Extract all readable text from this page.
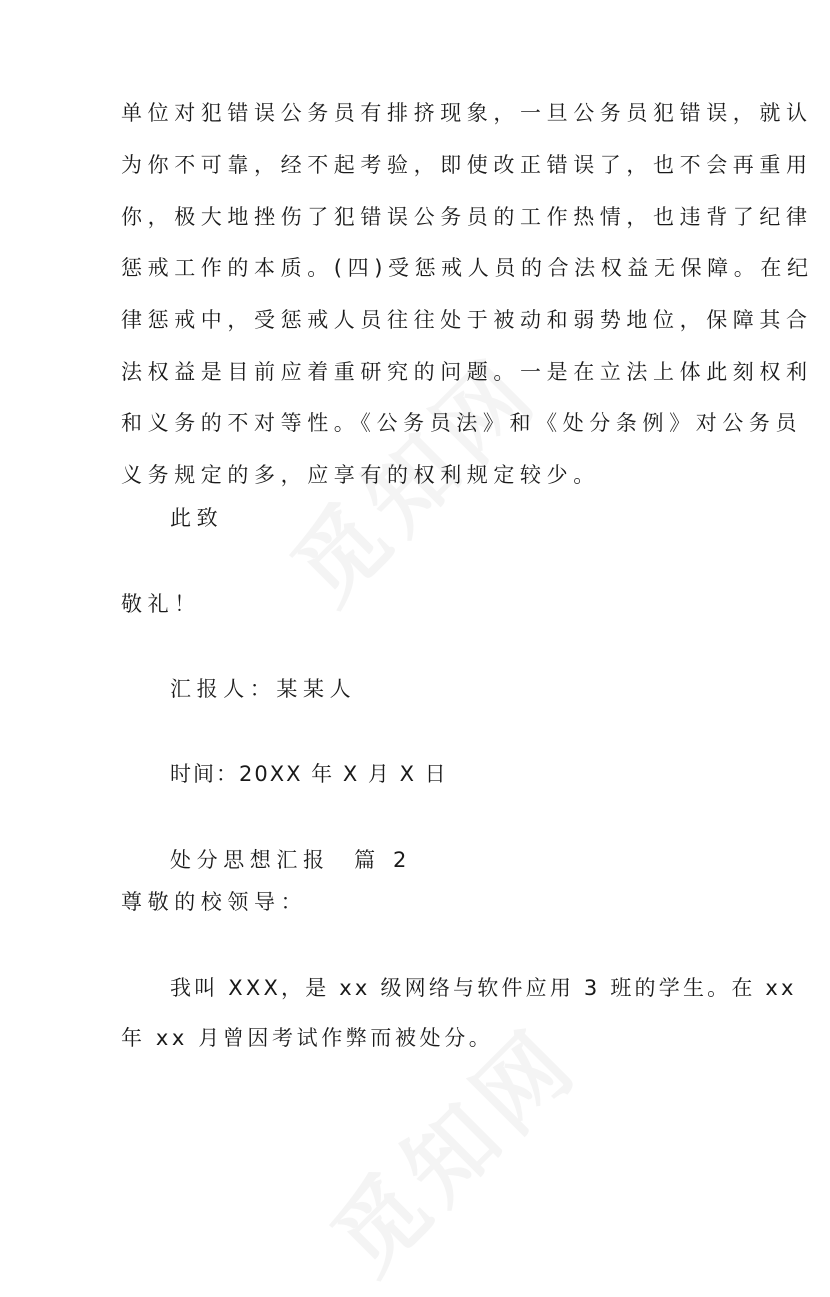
单位对犯错误公务员有排挤现象，一旦公务员犯错误，就认
为你不可靠，经不起考验，即使改正错误了，也不会再重用
你，极大地挫伤了犯错误公务员的工作热情，也违背了纪律
惩戒工作的本质。(四)受惩戒人员的合法权益无保障。在纪
律惩戒中，受惩戒人员往往处于被动和弱势地位，保障其合
法权益是目前应着重研究的问题。一是在立法上体此刻权利
和义务的不对等性。《公务员法》和《处分条例》对公务员
义务规定的多，应享有的权利规定较少。
此致
敬礼！
汇报人：某某人
时间：20XX 年 X 月 X 日
处分思想汇报  篇 2
尊敬的校领导：
我叫 XXX，是 xx 级网络与软件应用 3 班的学生。在 xx
年 xx 月曾因考试作弊而被处分。
